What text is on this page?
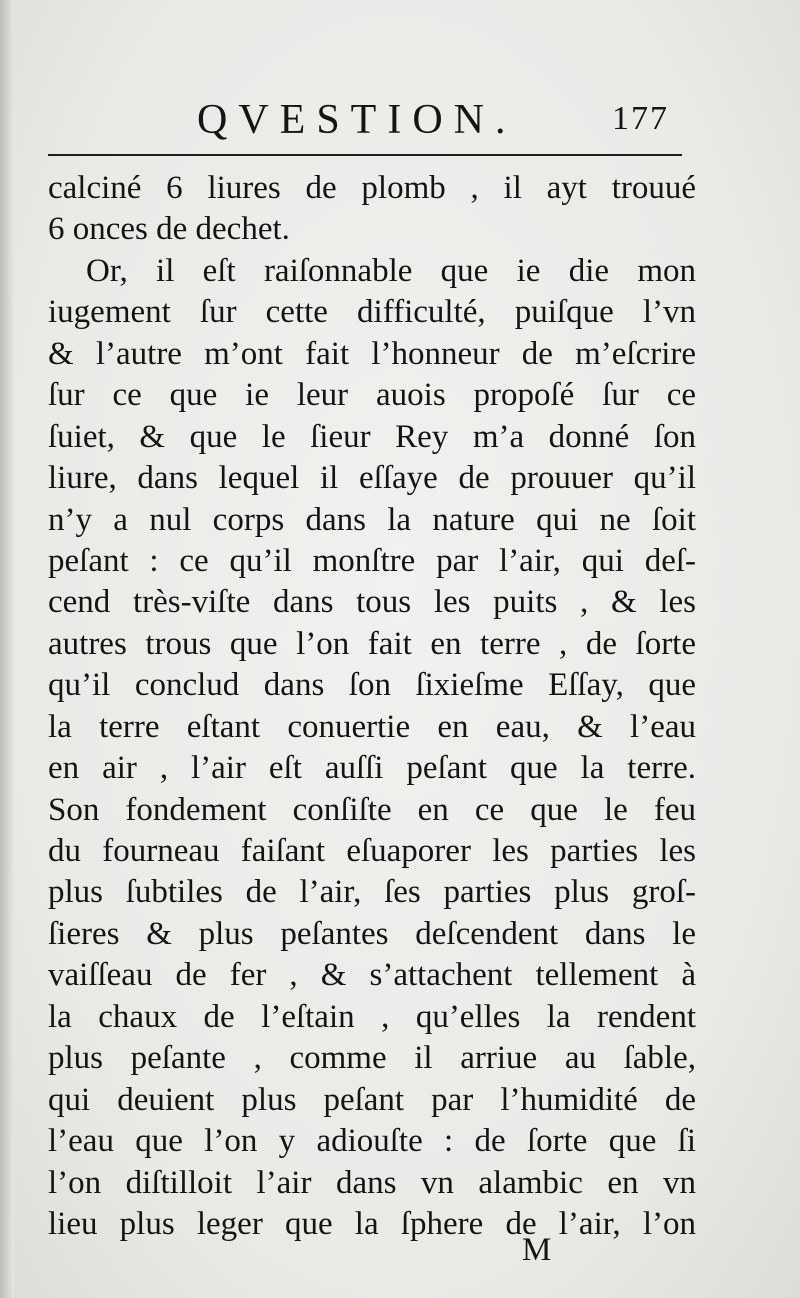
QVESTION.	177
calciné 6 liures de plomb , il ayt trouué
6 onces de dechet.
Or, il eſt raiſonnable que ie die mon
iugement ſur cette difficulté, puiſque l’vn
& l’autre m’ont fait l’honneur de m’eſcrire
ſur ce que ie leur auois propoſé ſur ce
ſuiet, & que le ſieur Rey m’a donné ſon
liure, dans lequel il eſſaye de prouuer qu’il
n’y a nul corps dans la nature qui ne ſoit
peſant : ce qu’il monſtre par l’air, qui deſ-
cend très-viſte dans tous les puits , & les
autres trous que l’on fait en terre , de ſorte
qu’il conclud dans ſon ſixieſme Eſſay, que
la terre eſtant conuertie en eau, & l’eau
en air , l’air eſt auſſi peſant que la terre.
Son fondement conſiſte en ce que le feu
du fourneau faiſant eſuaporer les parties les
plus ſubtiles de l’air, ſes parties plus groſ-
ſieres & plus peſantes deſcendent dans le
vaiſſeau de fer , & s’attachent tellement à
la chaux de l’eſtain , qu’elles la rendent
plus peſante , comme il arriue au ſable,
qui deuient plus peſant par l’humidité de
l’eau que l’on y adiouſte : de ſorte que ſi
l’on diſtilloit l’air dans vn alambic en vn
lieu plus leger que la ſphere de l’air, l’on
M
